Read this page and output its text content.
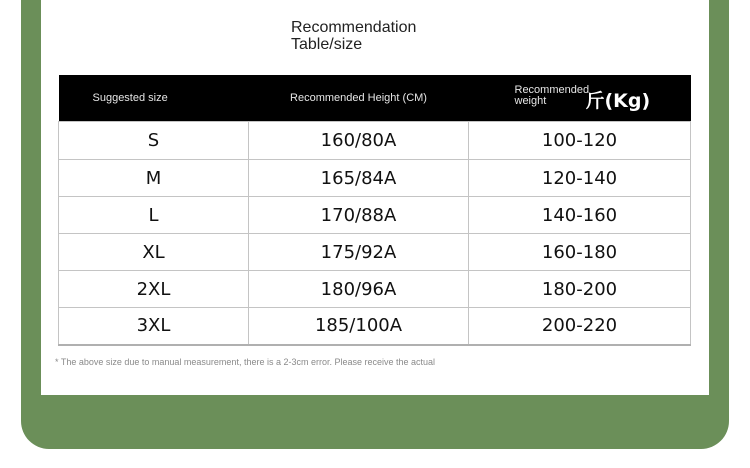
Recommendation
Table/size
Suggested size	Recommended Height (CM)	Recommended weight 斤(Kg)

S	160/80A	100-120
M	165/84A	120-140
L	170/88A	140-160
XL	175/92A	160-180
2XL	180/96A	180-200
3XL	185/100A	200-220
* The above size due to manual measurement, there is a 2-3cm error. Please receive the actual
